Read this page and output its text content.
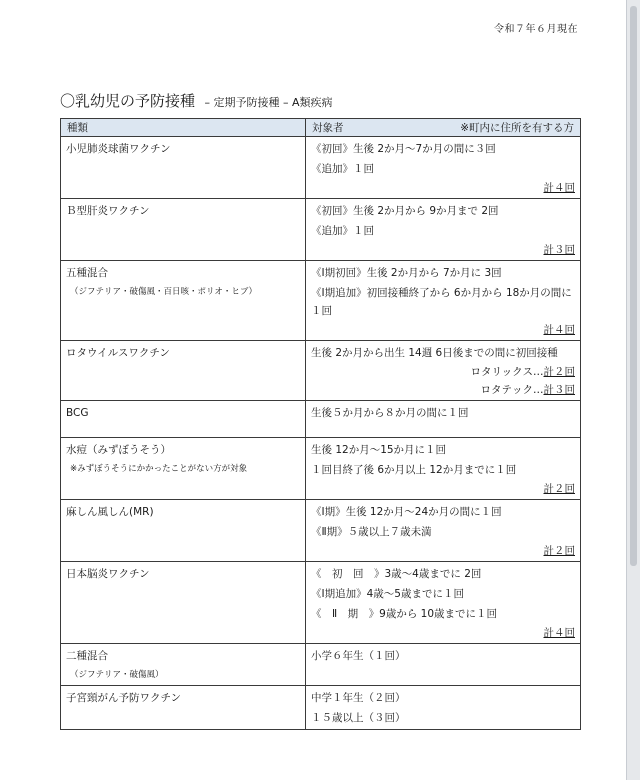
令和７年６月現在
〇乳幼児の予防接種 – 定期予防接種 – A類疾病
種類	対象者 ※町内に住所を有する方

小児肺炎球菌ワクチン	《初回》生後 2か月〜7か月の間に３回
《追加》１回
計４回

Ｂ型肝炎ワクチン	《初回》生後 2か月から 9か月まで 2回
《追加》１回
計３回

五種混合
（ジフテリア・破傷風・百日咳・ポリオ・ヒブ）	《Ⅰ期初回》生後 2か月から 7か月に 3回
《Ⅰ期追加》初回接種終了から 6か月から 18か月の間に１回
計４回

ロタウイルスワクチン	生後 2か月から出生 14週 6日後までの間に初回接種
ロタリックス…計２回
ロタテック…計３回

BCG	生後５か月から８か月の間に１回

水痘（みずぼうそう）
※みずぼうそうにかかったことがない方が対象	生後 12か月〜15か月に１回
１回目終了後 6か月以上 12か月までに１回
計２回

麻しん風しん(MR)	《Ⅰ期》生後 12か月〜24か月の間に１回
《Ⅱ期》５歳以上７歳未満
計２回

日本脳炎ワクチン	《　初　回　》3歳〜4歳までに 2回
《Ⅰ期追加》4歳〜5歳までに１回
《　Ⅱ　期　》9歳から 10歳までに１回
計４回

二種混合
（ジフテリア・破傷風）	小学６年生（１回）

子宮頸がん予防ワクチン	中学１年生（２回）
１５歳以上（３回）
